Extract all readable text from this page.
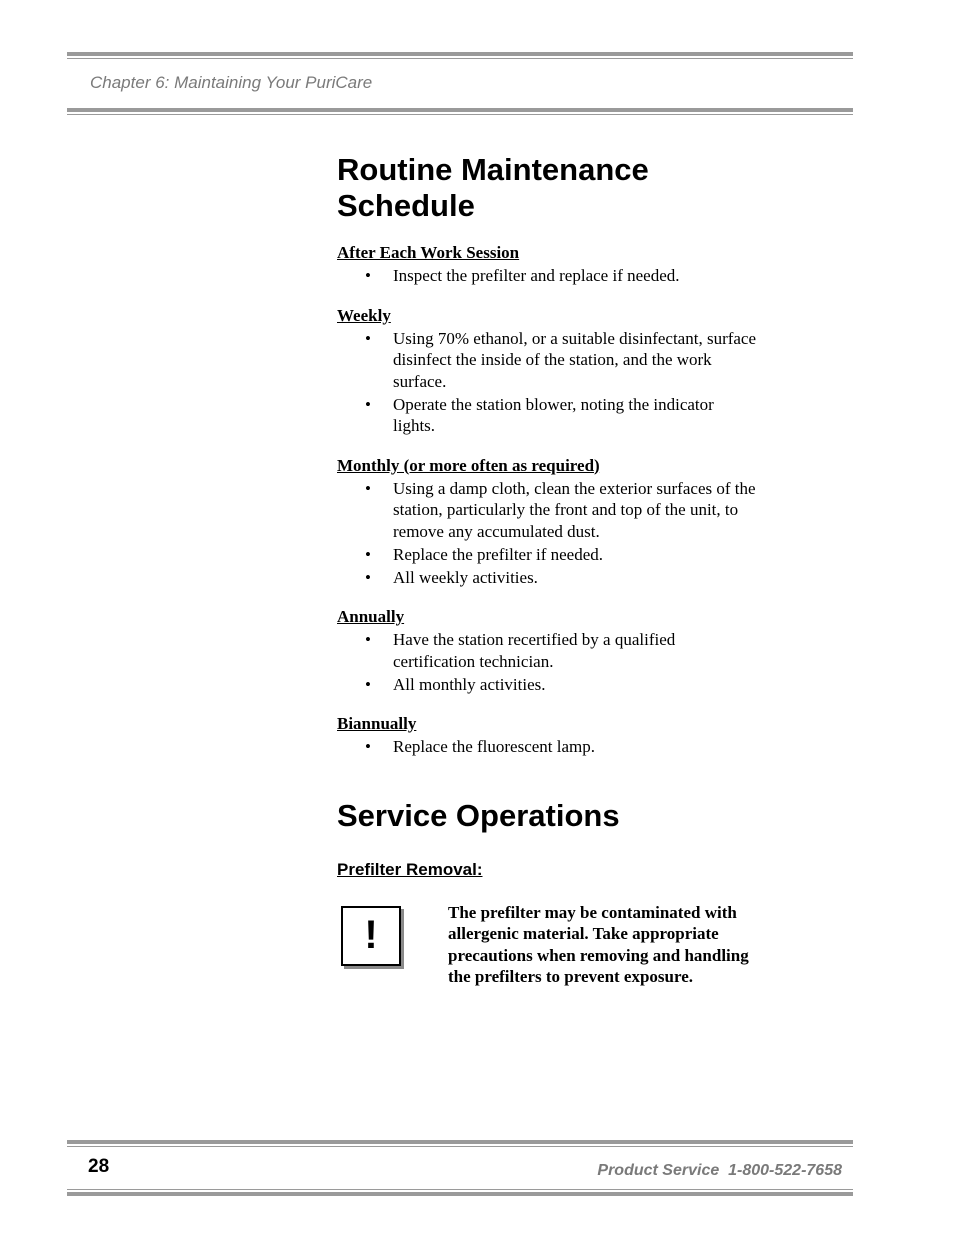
Chapter 6: Maintaining Your PuriCare
Routine Maintenance Schedule

After Each Work Session

• Inspect the prefilter and replace if needed.

Weekly

• Using 70% ethanol, or a suitable disinfectant, surface disinfect the inside of the station, and the work surface.
• Operate the station blower, noting the indicator lights.

Monthly (or more often as required)

• Using a damp cloth, clean the exterior surfaces of the station, particularly the front and top of the unit, to remove any accumulated dust.
• Replace the prefilter if needed.
• All weekly activities.

Annually

• Have the station recertified by a qualified certification technician.
• All monthly activities.

Biannually

• Replace the fluorescent lamp.
Service Operations
Prefilter Removal:
!
The prefilter may be contaminated with allergenic material. Take appropriate precautions when removing and handling the prefilters to prevent exposure.
28	Product Service  1-800-522-7658
